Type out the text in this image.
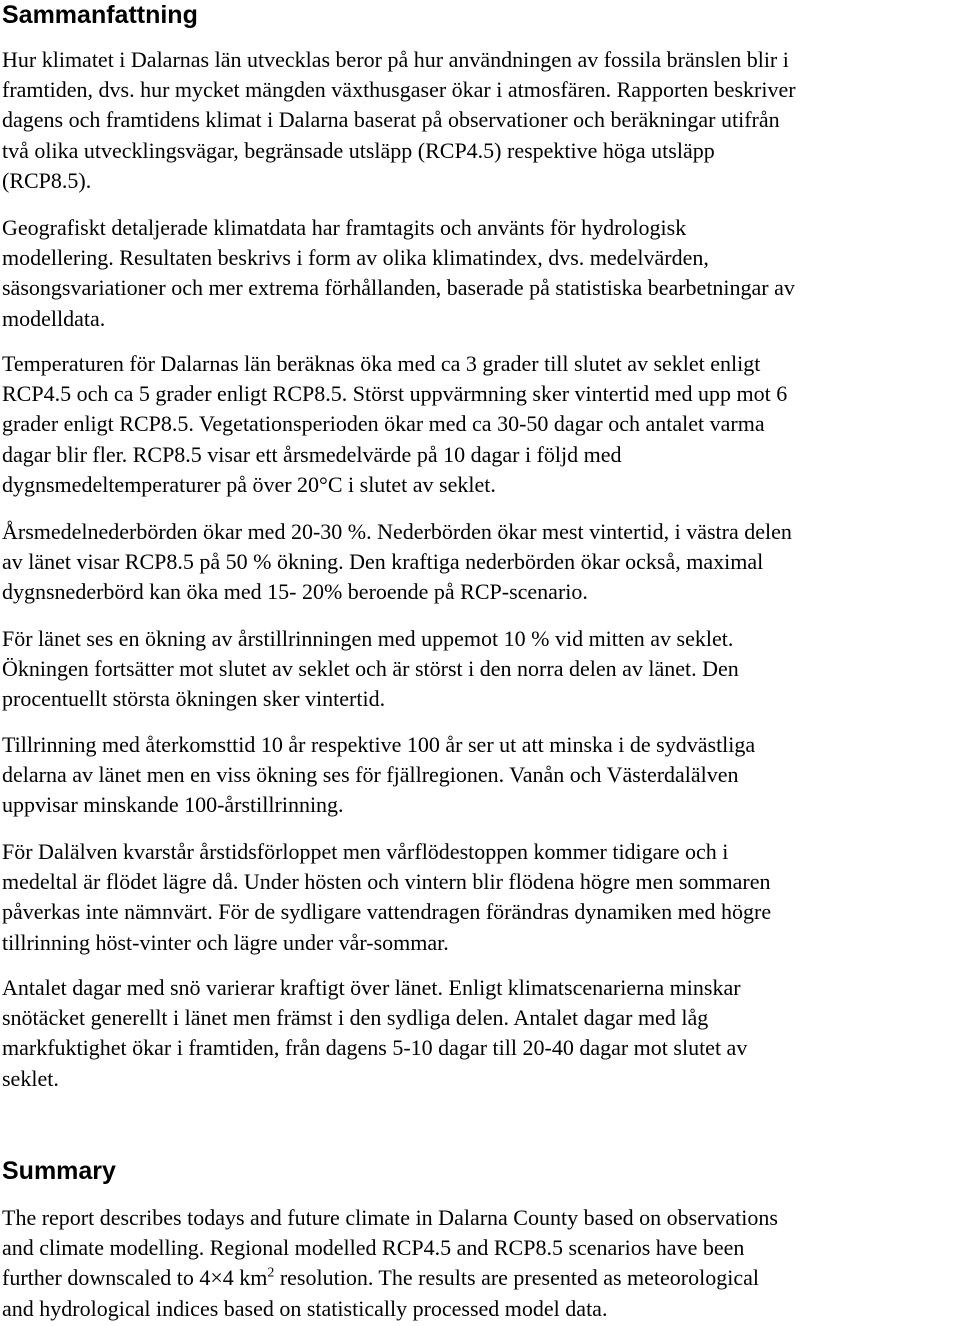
Sammanfattning

Hur klimatet i Dalarnas län utvecklas beror på hur användningen av fossila bränslen blir i
framtiden, dvs. hur mycket mängden växthusgaser ökar i atmosfären. Rapporten beskriver
dagens och framtidens klimat i Dalarna baserat på observationer och beräkningar utifrån
två olika utvecklingsvägar, begränsade utsläpp (RCP4.5) respektive höga utsläpp
(RCP8.5).

Geografiskt detaljerade klimatdata har framtagits och använts för hydrologisk
modellering. Resultaten beskrivs i form av olika klimatindex, dvs. medelvärden,
säsongsvariationer och mer extrema förhållanden, baserade på statistiska bearbetningar av
modelldata.

Temperaturen för Dalarnas län beräknas öka med ca 3 grader till slutet av seklet enligt
RCP4.5 och ca 5 grader enligt RCP8.5. Störst uppvärmning sker vintertid med upp mot 6
grader enligt RCP8.5. Vegetationsperioden ökar med ca 30-50 dagar och antalet varma
dagar blir fler. RCP8.5 visar ett årsmedelvärde på 10 dagar i följd med
dygnsmedeltemperaturer på över 20°C i slutet av seklet.

Årsmedelnederbörden ökar med 20-30 %. Nederbörden ökar mest vintertid, i västra delen
av länet visar RCP8.5 på 50 % ökning. Den kraftiga nederbörden ökar också, maximal
dygnsnederbörd kan öka med 15- 20% beroende på RCP-scenario.

För länet ses en ökning av årstillrinningen med uppemot 10 % vid mitten av seklet.
Ökningen fortsätter mot slutet av seklet och är störst i den norra delen av länet. Den
procentuellt största ökningen sker vintertid.

Tillrinning med återkomsttid 10 år respektive 100 år ser ut att minska i de sydvästliga
delarna av länet men en viss ökning ses för fjällregionen. Vanån och Västerdalälven
uppvisar minskande 100-årstillrinning.

För Dalälven kvarstår årstidsförloppet men vårflödestoppen kommer tidigare och i
medeltal är flödet lägre då. Under hösten och vintern blir flödena högre men sommaren
påverkas inte nämnvärt. För de sydligare vattendragen förändras dynamiken med högre
tillrinning höst-vinter och lägre under vår-sommar.

Antalet dagar med snö varierar kraftigt över länet. Enligt klimatscenarierna minskar
snötäcket generellt i länet men främst i den sydliga delen. Antalet dagar med låg
markfuktighet ökar i framtiden, från dagens 5-10 dagar till 20-40 dagar mot slutet av
seklet.

Summary

The report describes todays and future climate in Dalarna County based on observations
and climate modelling. Regional modelled RCP4.5 and RCP8.5 scenarios have been
further downscaled to 4×4 $km^2$ resolution. The results are presented as meteorological
and hydrological indices based on statistically processed model data.
